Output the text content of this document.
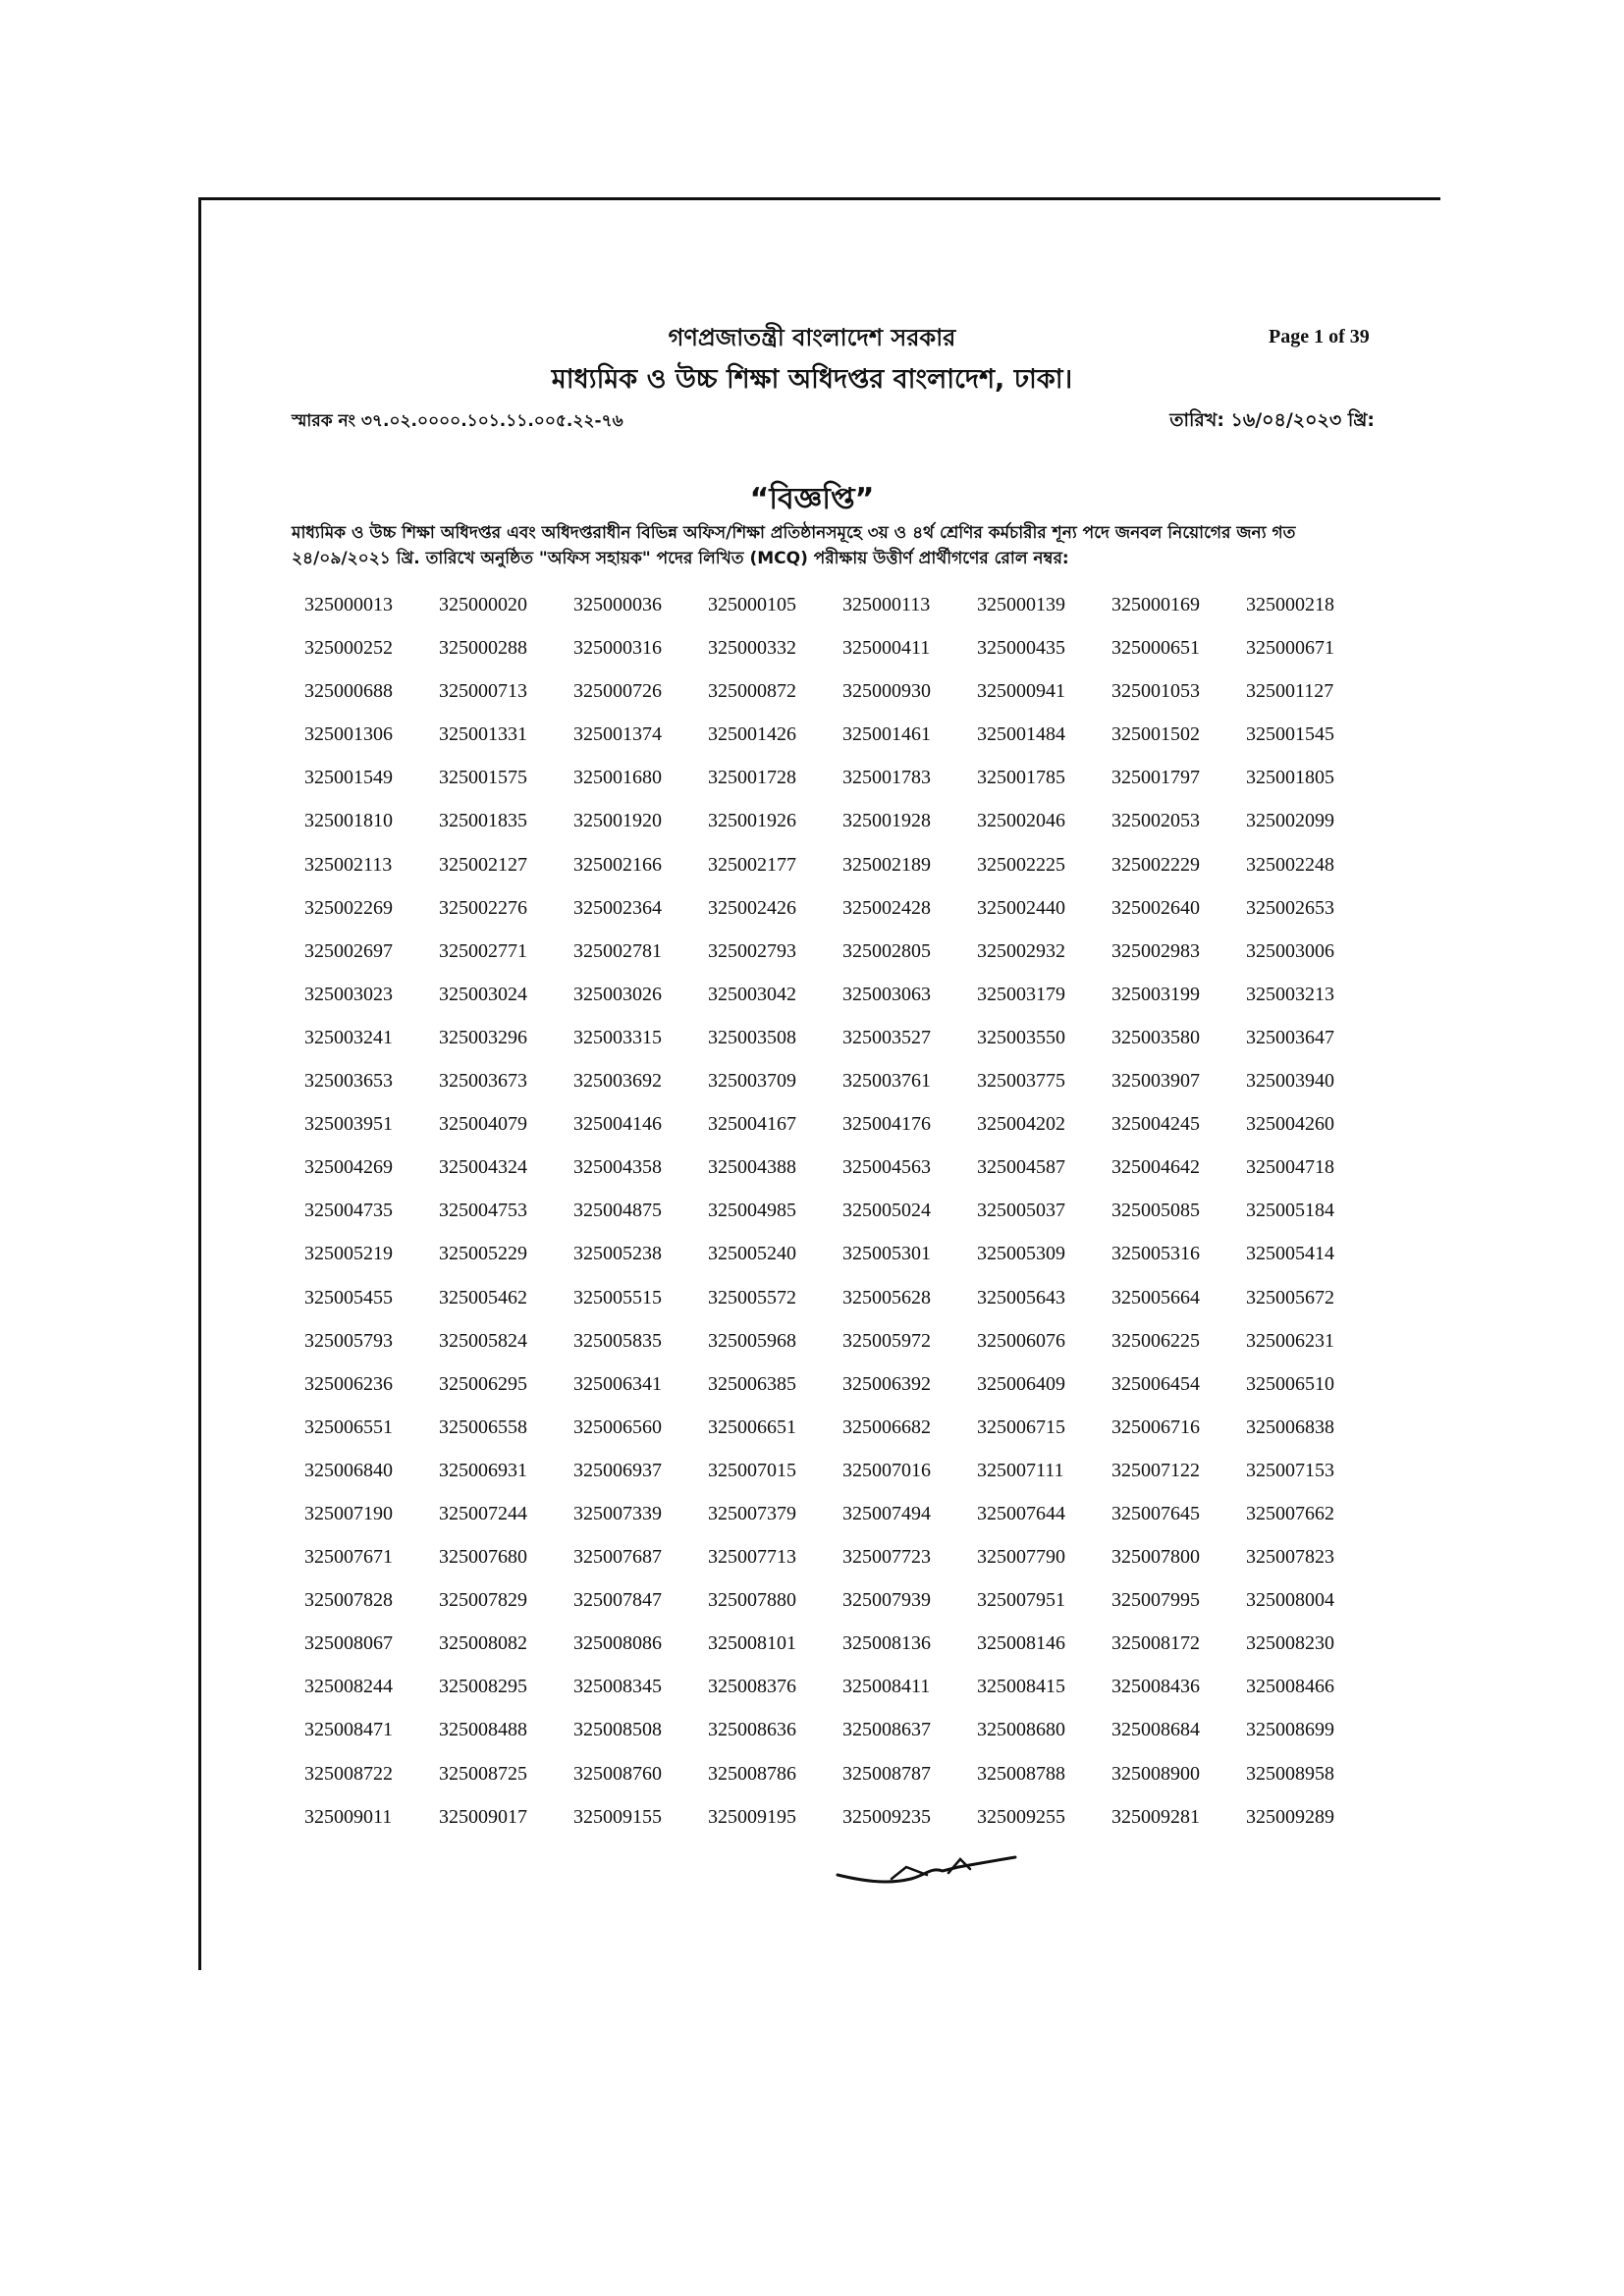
গণপ্রজাতন্ত্রী বাংলাদেশ সরকার
মাধ্যমিক ও উচ্চ শিক্ষা অধিদপ্তর বাংলাদেশ, ঢাকা।
Page 1 of 39
স্মারক নং ৩৭.০২.০০০০.১০১.১১.০০৫.২২-৭৬	তারিখ: ১৬/০৪/২০২৩ খ্রি:
“বিজ্ঞপ্তি”

মাধ্যমিক ও উচ্চ শিক্ষা অধিদপ্তর এবং অধিদপ্তরাধীন বিভিন্ন অফিস/শিক্ষা প্রতিষ্ঠানসমূহে ৩য় ও ৪র্থ শ্রেণির কর্মচারীর শূন্য পদে জনবল নিয়োগের জন্য গত

২৪/০৯/২০২১ খ্রি. তারিখে অনুষ্ঠিত "অফিস সহায়ক" পদের লিখিত (MCQ) পরীক্ষায় উত্তীর্ণ প্রার্থীগণের রোল নম্বর:

325000013	325000020	325000036	325000105	325000113	325000139	325000169	325000218
325000252	325000288	325000316	325000332	325000411	325000435	325000651	325000671
325000688	325000713	325000726	325000872	325000930	325000941	325001053	325001127
325001306	325001331	325001374	325001426	325001461	325001484	325001502	325001545
325001549	325001575	325001680	325001728	325001783	325001785	325001797	325001805
325001810	325001835	325001920	325001926	325001928	325002046	325002053	325002099
325002113	325002127	325002166	325002177	325002189	325002225	325002229	325002248
325002269	325002276	325002364	325002426	325002428	325002440	325002640	325002653
325002697	325002771	325002781	325002793	325002805	325002932	325002983	325003006
325003023	325003024	325003026	325003042	325003063	325003179	325003199	325003213
325003241	325003296	325003315	325003508	325003527	325003550	325003580	325003647
325003653	325003673	325003692	325003709	325003761	325003775	325003907	325003940
325003951	325004079	325004146	325004167	325004176	325004202	325004245	325004260
325004269	325004324	325004358	325004388	325004563	325004587	325004642	325004718
325004735	325004753	325004875	325004985	325005024	325005037	325005085	325005184
325005219	325005229	325005238	325005240	325005301	325005309	325005316	325005414
325005455	325005462	325005515	325005572	325005628	325005643	325005664	325005672
325005793	325005824	325005835	325005968	325005972	325006076	325006225	325006231
325006236	325006295	325006341	325006385	325006392	325006409	325006454	325006510
325006551	325006558	325006560	325006651	325006682	325006715	325006716	325006838
325006840	325006931	325006937	325007015	325007016	325007111	325007122	325007153
325007190	325007244	325007339	325007379	325007494	325007644	325007645	325007662
325007671	325007680	325007687	325007713	325007723	325007790	325007800	325007823
325007828	325007829	325007847	325007880	325007939	325007951	325007995	325008004
325008067	325008082	325008086	325008101	325008136	325008146	325008172	325008230
325008244	325008295	325008345	325008376	325008411	325008415	325008436	325008466
325008471	325008488	325008508	325008636	325008637	325008680	325008684	325008699
325008722	325008725	325008760	325008786	325008787	325008788	325008900	325008958
325009011	325009017	325009155	325009195	325009235	325009255	325009281	325009289
